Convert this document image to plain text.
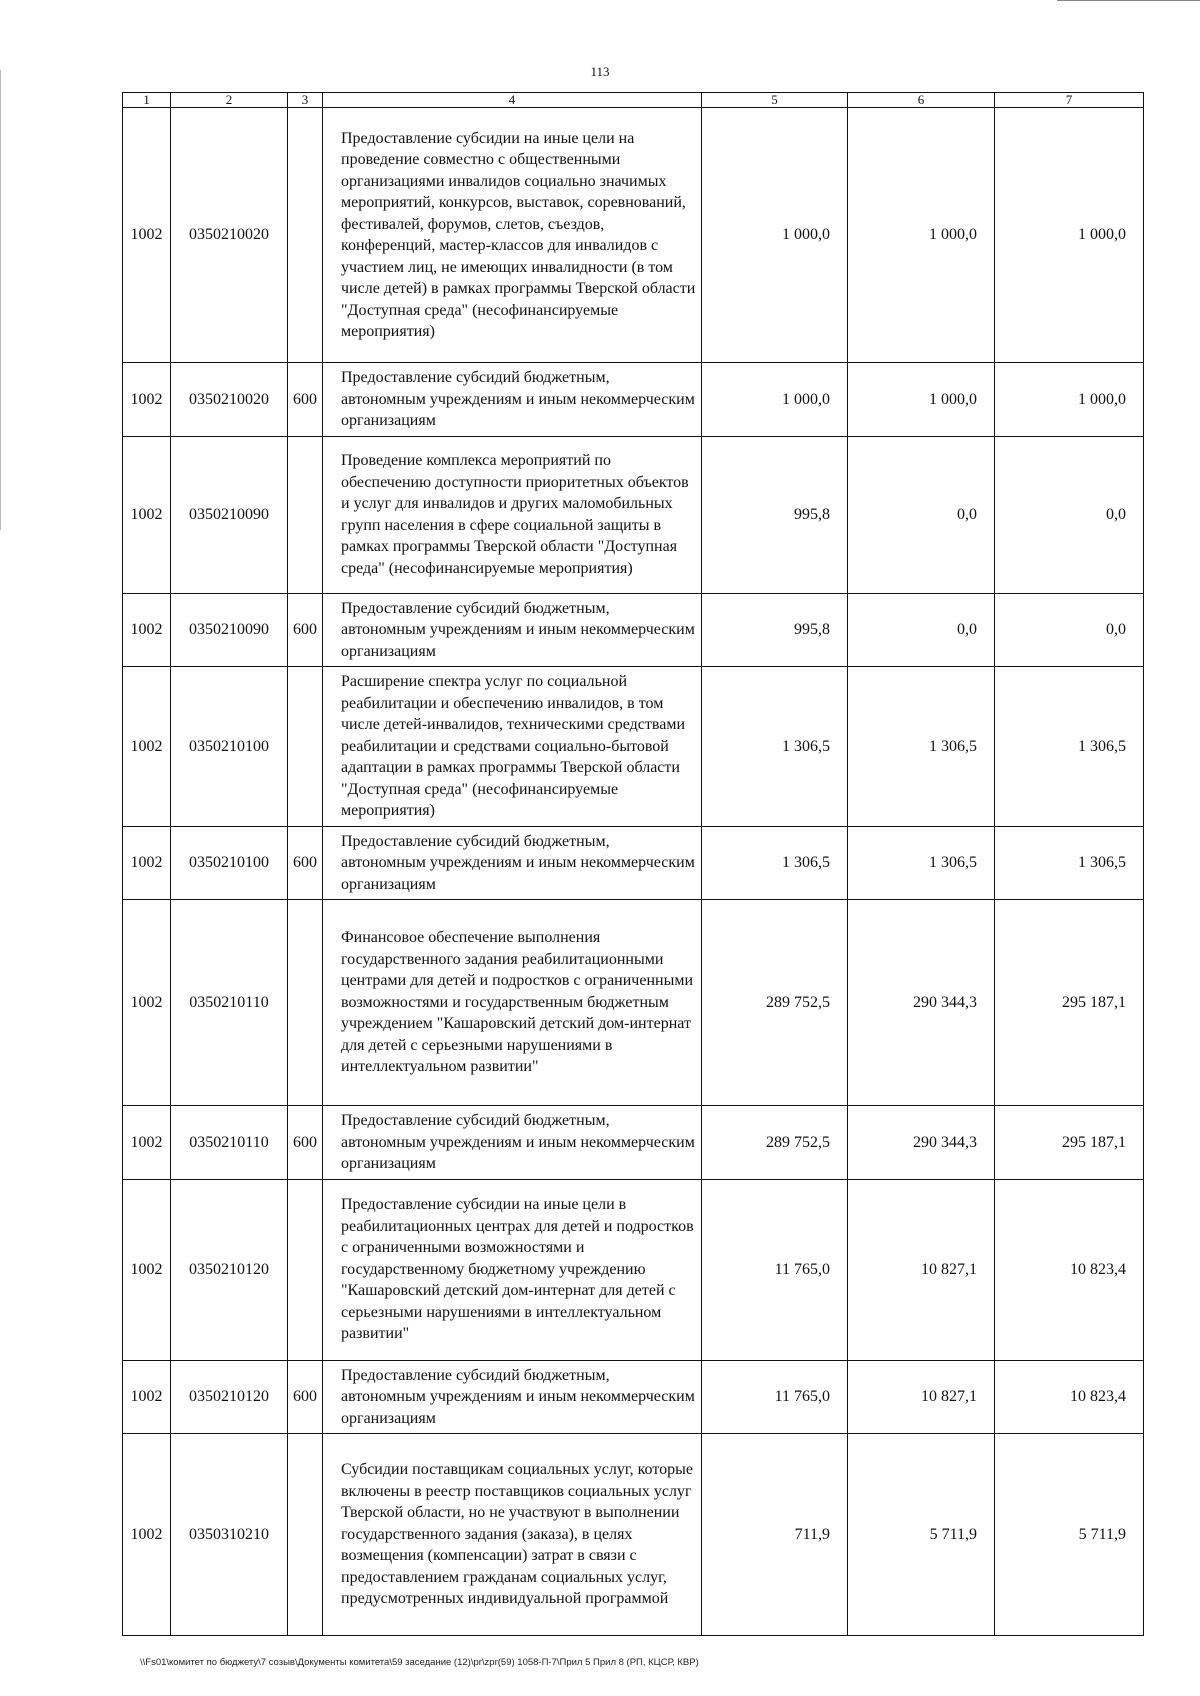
113
1	2	3	4	5	6	7
1002	0350210020		Предоставление субсидии на иные цели на проведение совместно с общественными организациями инвалидов социально значимых мероприятий, конкурсов, выставок, соревнований, фестивалей, форумов, слетов, съездов, конференций, мастер-классов для инвалидов с участием лиц, не имеющих инвалидности (в том числе детей) в рамках программы Тверской области "Доступная среда" (несофинансируемые мероприятия)	1 000,0	1 000,0	1 000,0
1002	0350210020	600	Предоставление субсидий бюджетным, автономным учреждениям и иным некоммерческим организациям	1 000,0	1 000,0	1 000,0
1002	0350210090		Проведение комплекса мероприятий по обеспечению доступности приоритетных объектов и услуг для инвалидов и других маломобильных групп населения в сфере социальной защиты в рамках программы Тверской области "Доступная среда" (несофинансируемые мероприятия)	995,8	0,0	0,0
1002	0350210090	600	Предоставление субсидий бюджетным, автономным учреждениям и иным некоммерческим организациям	995,8	0,0	0,0
1002	0350210100		Расширение спектра услуг по социальной реабилитации и обеспечению инвалидов, в том числе детей-инвалидов, техническими средствами реабилитации и средствами социально-бытовой адаптации в рамках программы Тверской области "Доступная среда" (несофинансируемые мероприятия)	1 306,5	1 306,5	1 306,5
1002	0350210100	600	Предоставление субсидий бюджетным, автономным учреждениям и иным некоммерческим организациям	1 306,5	1 306,5	1 306,5
1002	0350210110		Финансовое обеспечение выполнения государственного задания реабилитационными центрами для детей и подростков с ограниченными возможностями и государственным бюджетным учреждением "Кашаровский детский дом-интернат для детей с серьезными нарушениями в интеллектуальном развитии"	289 752,5	290 344,3	295 187,1
1002	0350210110	600	Предоставление субсидий бюджетным, автономным учреждениям и иным некоммерческим организациям	289 752,5	290 344,3	295 187,1
1002	0350210120		Предоставление субсидии на иные цели в реабилитационных центрах для детей и подростков с ограниченными возможностями и государственному бюджетному учреждению "Кашаровский детский дом-интернат для детей с серьезными нарушениями в интеллектуальном развитии"	11 765,0	10 827,1	10 823,4
1002	0350210120	600	Предоставление субсидий бюджетным, автономным учреждениям и иным некоммерческим организациям	11 765,0	10 827,1	10 823,4
1002	0350310210		Субсидии поставщикам социальных услуг, которые включены в реестр поставщиков социальных услуг Тверской области, но не участвуют в выполнении государственного задания (заказа), в целях возмещения (компенсации) затрат в связи с предоставлением гражданам социальных услуг, предусмотренных индивидуальной программой	711,9	5 711,9	5 711,9
\\Fs01\комитет по бюджету\7 созыв\Документы комитета\59 заседание (12)\pr\zpr(59) 1058-П-7\Прил 5 Прил 8 (РП, КЦСР, КВР)
